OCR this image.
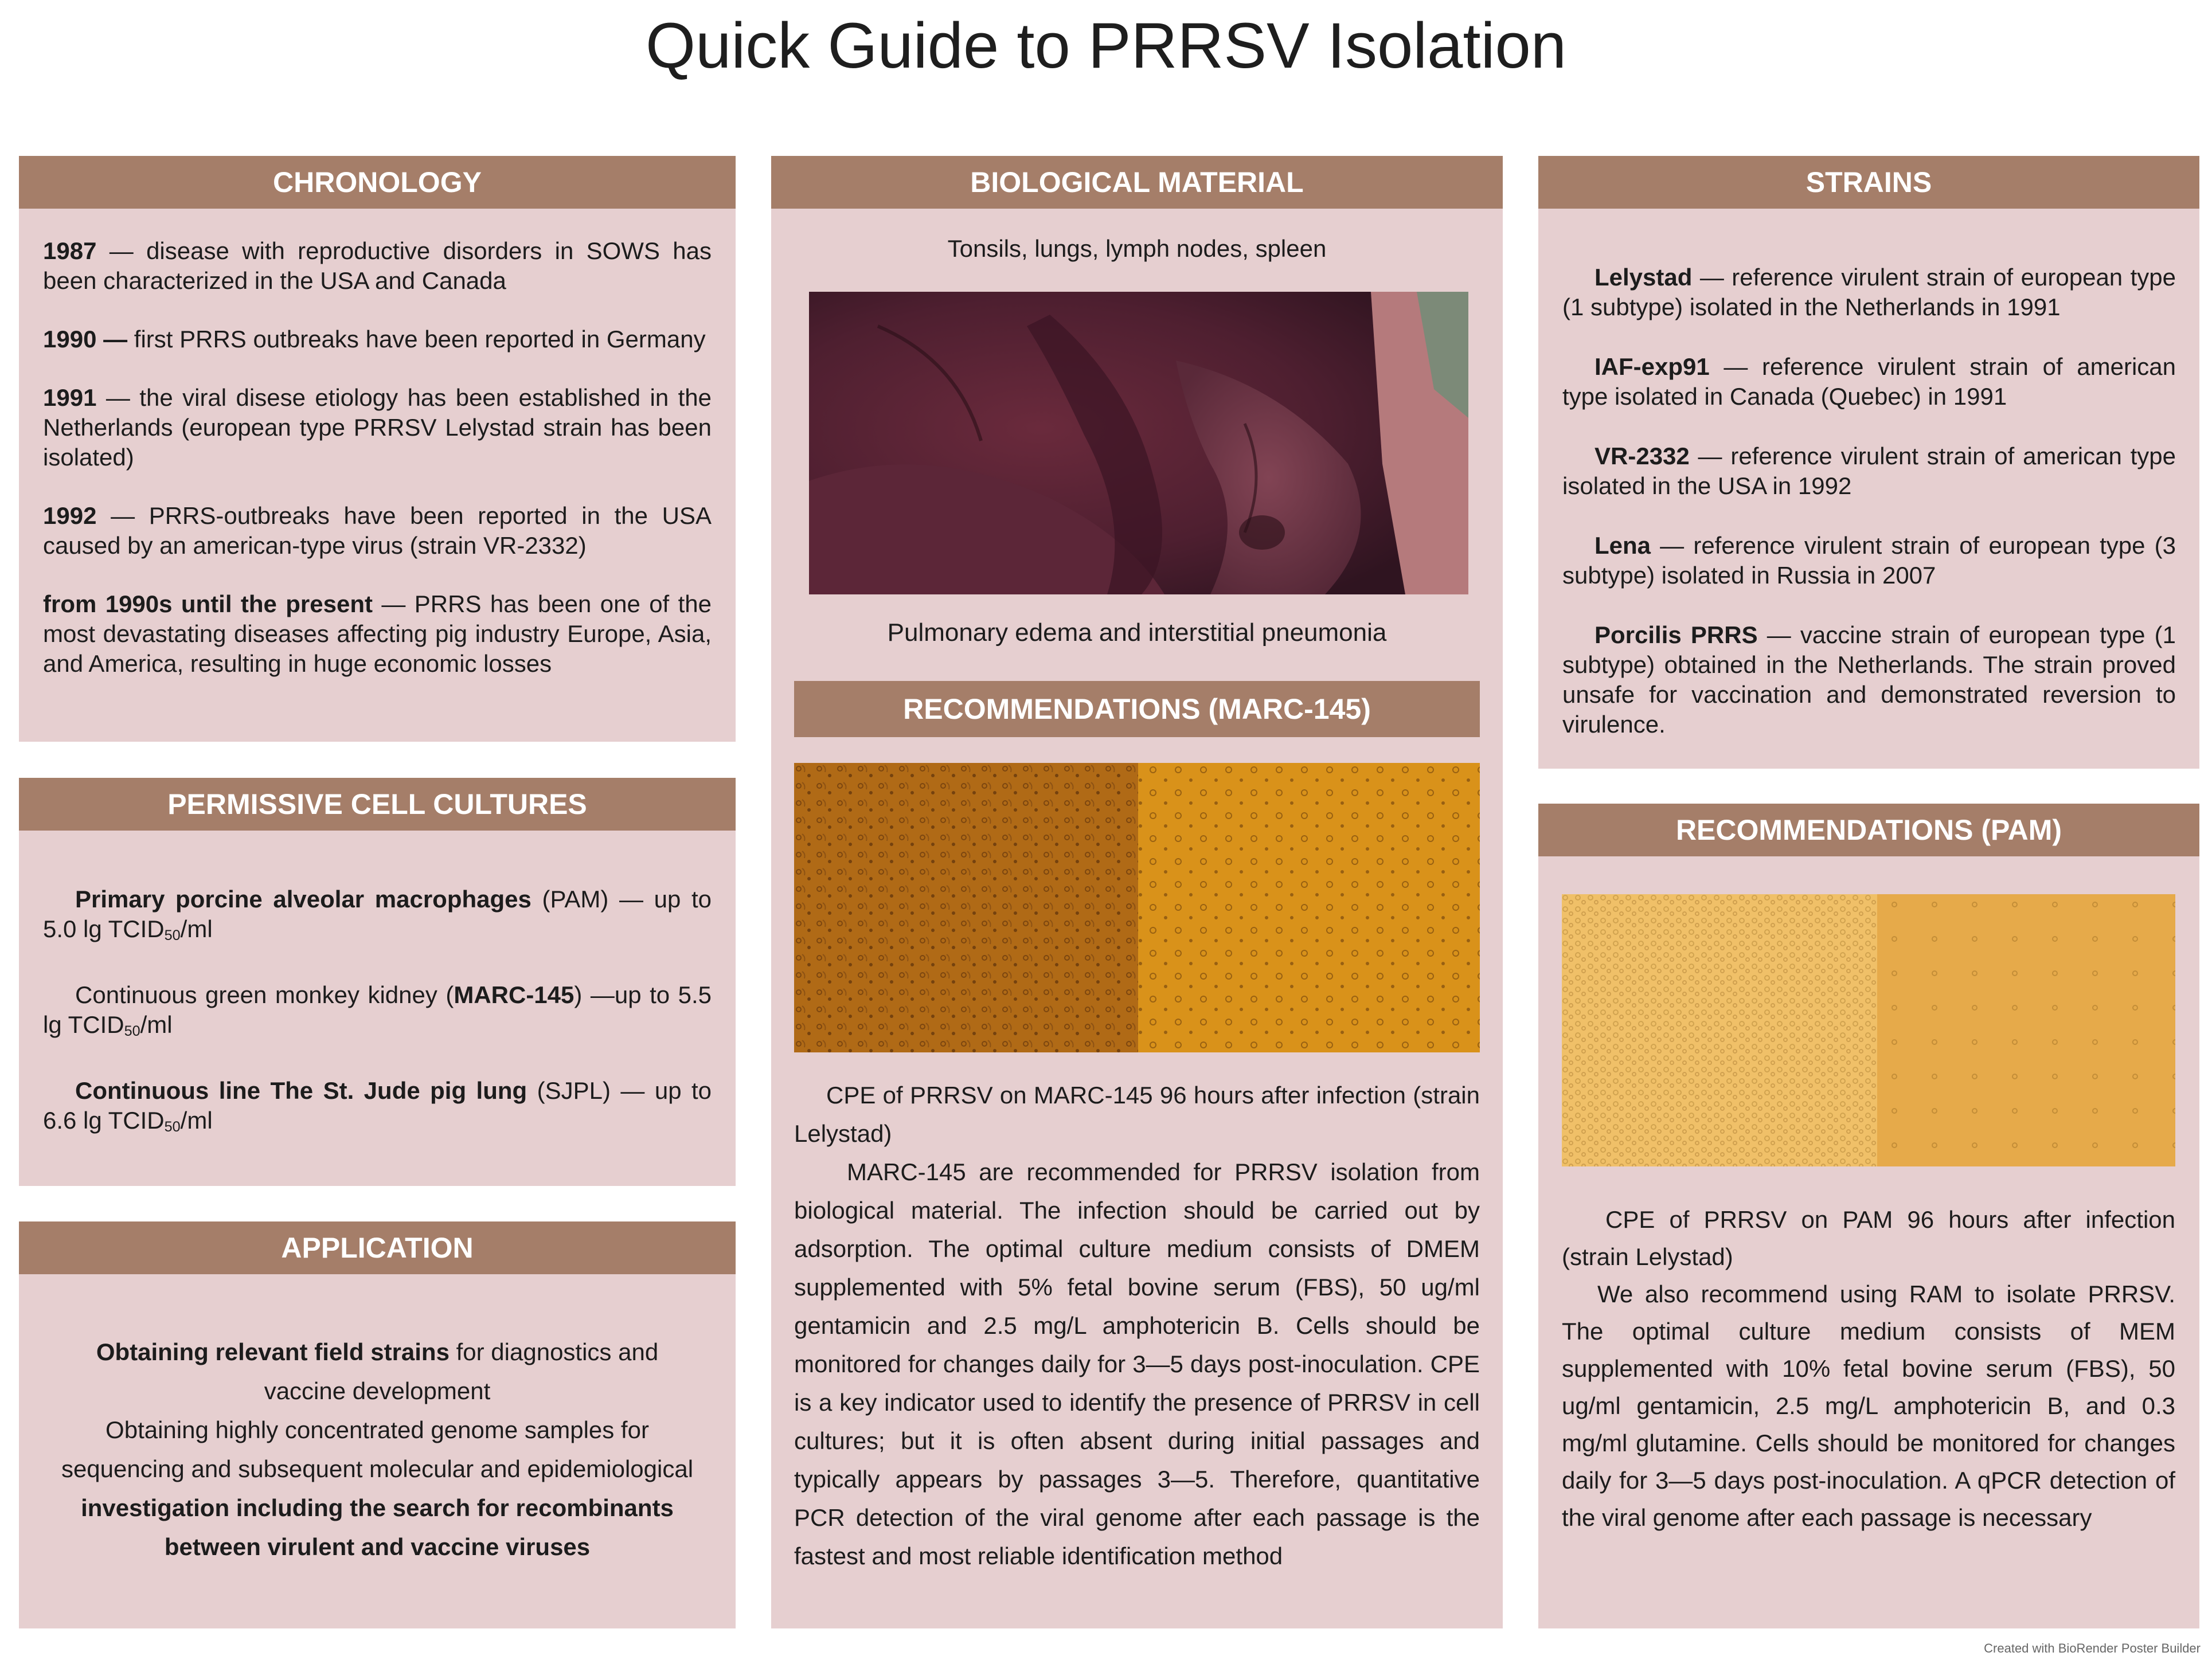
Quick Guide to PRRSV Isolation
CHRONOLOGY

1987 — disease with reproductive disorders in SOWS has been characterized in the USA and Canada

1990 — first PRRS outbreaks have been reported in Germany

1991 — the viral disese etiology has been established in the Netherlands (european type PRRSV Lelystad strain has been isolated)

1992 — PRRS-outbreaks have been reported in the USA caused by an american-type virus (strain VR-2332)

from 1990s until the present — PRRS has been one of the most devastating diseases affecting pig industry Europe, Asia, and America, resulting in huge economic losses

PERMISSIVE CELL CULTURES

Primary porcine alveolar macrophages (PAM) — up to 5.0 $\lg TCID_{50}/ml$

Continuous green monkey kidney (MARC-145) —up to 5.5 $\lg TCID_{50}/ml$

Continuous line The St. Jude pig lung (SJPL) — up to 6.6 $\lg TCID_{50}/ml$

APPLICATION

Obtaining relevant field strains for diagnostics and vaccine development

Obtaining highly concentrated genome samples for sequencing and subsequent molecular and epidemiological investigation including the search for recombinants between virulent and vaccine viruses

BIOLOGICAL MATERIAL
Tonsils, lungs, lymph nodes, spleen
Pulmonary edema and interstitial pneumonia
RECOMMENDATIONS (MARC-145)
CPE of PRRSV on MARC-145 96 hours after infection (strain Lelystad)
MARC-145 are recommended for PRRSV isolation from biological material. The infection should be carried out by adsorption. The optimal culture medium consists of DMEM supplemented with 5% fetal bovine serum (FBS), 50 ug/ml gentamicin and 2.5 mg/L amphotericin B. Cells should be monitored for changes daily for 3—5 days post-inoculation. CPE is a key indicator used to identify the presence of PRRSV in cell cultures; but it is often absent during initial passages and typically appears by passages 3—5. Therefore, quantitative PCR detection of the viral genome after each passage is the fastest and most reliable identification method
STRAINS

Lelystad — reference virulent strain of european type (1 subtype) isolated in the Netherlands in 1991

IAF-exp91 — reference virulent strain of american type isolated in Canada (Quebec) in 1991

VR-2332 — reference virulent strain of american type isolated in the USA in 1992

Lena — reference virulent strain of european type (3 subtype) isolated in Russia in 2007

Porcilis PRRS — vaccine strain of european type (1 subtype) obtained in the Netherlands. The strain proved unsafe for vaccination and demonstrated reversion to virulence.

RECOMMENDATIONS (PAM)
CPE of PRRSV on PAM 96 hours after infection (strain Lelystad)
We also recommend using RAM to isolate PRRSV. The optimal culture medium consists of MEM supplemented with 10% fetal bovine serum (FBS), 50 ug/ml gentamicin, 2.5 mg/L amphotericin B, and 0.3 mg/ml glutamine. Cells should be monitored for changes daily for 3—5 days post-inoculation. A qPCR detection of the viral genome after each passage is necessary
Created with BioRender Poster Builder
